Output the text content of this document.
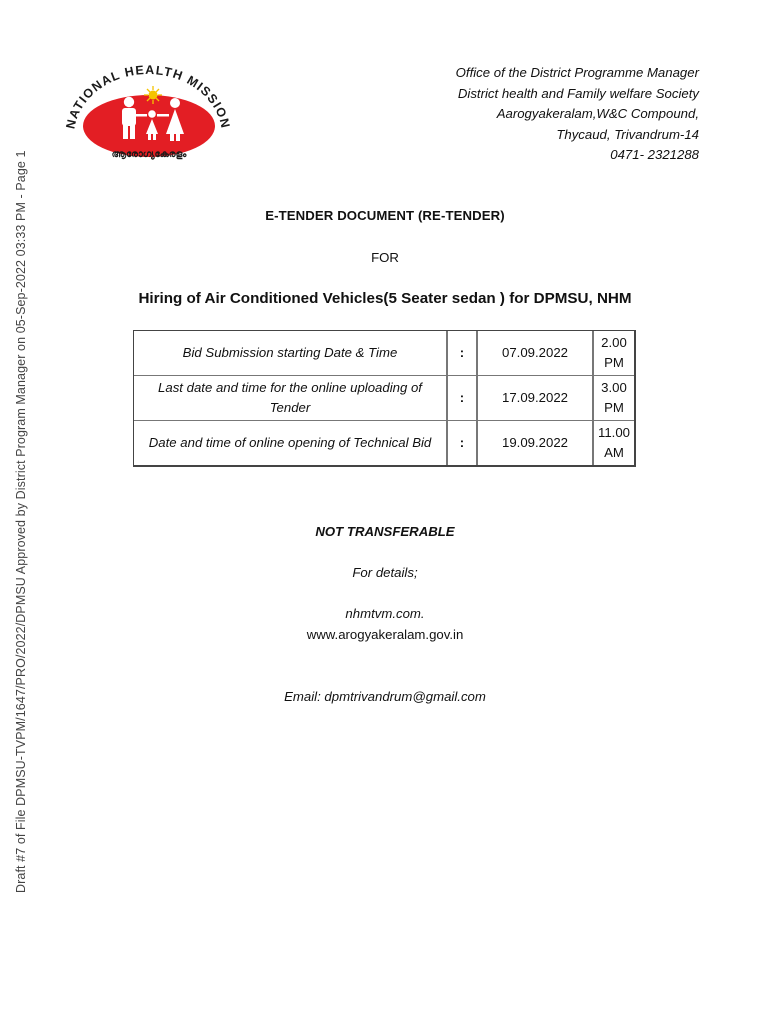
Draft #7 of File DPMSU-TVPM/1647/PRO/2022/DPMSU Approved by District Program Manager on 05-Sep-2022 03:33 PM - Page 1
NATIONAL HEALTH MISSION
ആരോഗ്യകേരളം
Office of the District Programme Manager
District health and Family welfare Society
Aarogyakeralam,W&C Compound,
Thycaud, Trivandrum-14
0471- 2321288
E-TENDER DOCUMENT (RE-TENDER)
FOR
Hiring of Air Conditioned Vehicles(5 Seater sedan ) for DPMSU, NHM
Bid Submission starting Date & Time	:	07.09.2022	2.00 PM
Last date and time for the online uploading of Tender	:	17.09.2022	3.00 PM
Date and time of online opening of Technical Bid	:	19.09.2022	11.00 AM
NOT TRANSFERABLE
For details;
nhmtvm.com.
www.arogyakeralam.gov.in
Email: dpmtrivandrum@gmail.com
